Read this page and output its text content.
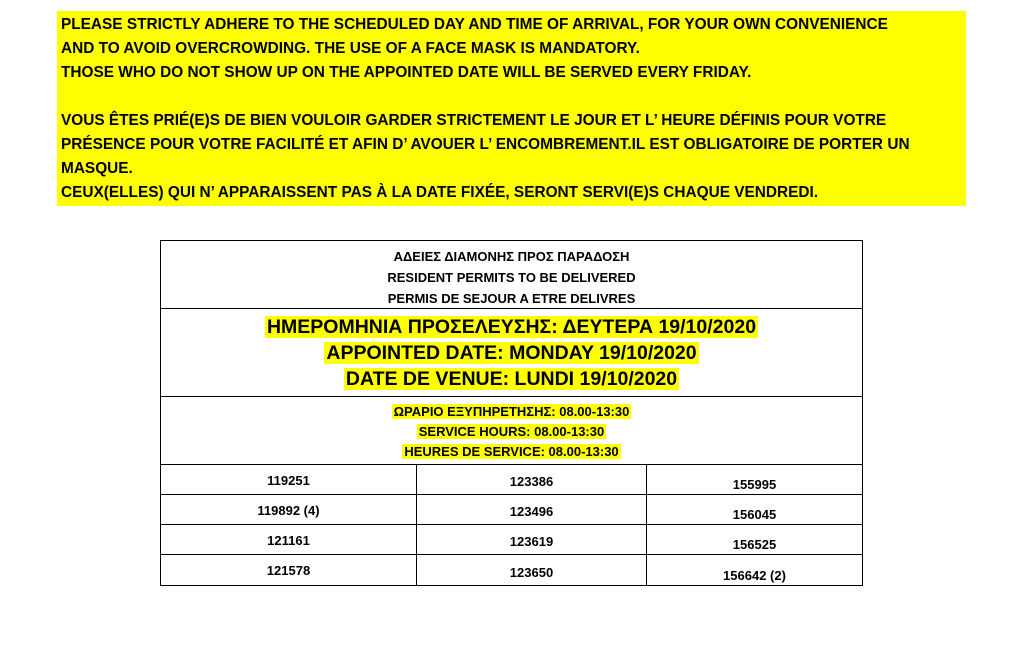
PLEASE STRICTLY ADHERE TO THE SCHEDULED DAY AND TIME OF ARRIVAL, FOR YOUR OWN CONVENIENCE
AND TO AVOID OVERCROWDING. THE USE OF A FACE MASK IS MANDATORY.
THOSE WHO DO NOT SHOW UP ON THE APPOINTED DATE WILL BE SERVED EVERY FRIDAY.
VOUS ÊTES PRIÉ(E)S DE BIEN VOULOIR GARDER STRICTEMENT LE JOUR ET L’ HEURE DÉFINIS POUR VOTRE PRÉSENCE POUR VOTRE FACILITÉ ET AFIN D’ AVOUER L’ ENCOMBREMENT.IL EST OBLIGATOIRE DE PORTER UN MASQUE.
CEUX(ELLES) QUI N’ APPARAISSENT PAS À LA DATE FIXÉE, SERONT SERVI(E)S CHAQUE VENDREDI.
ΑΔΕΙΕΣ ΔΙΑΜΟΝΗΣ ΠΡΟΣ ΠΑΡΑΔΟΣΗ
RESIDENT PERMITS TO BE DELIVERED
PERMIS DE SEJOUR A ETRE DELIVRES
ΗΜΕΡΟΜΗΝΙΑ ΠΡΟΣΕΛΕΥΣΗΣ: ΔΕΥΤΕΡΑ 19/10/2020
APPOINTED DATE: MONDAY 19/10/2020
DATE DE VENUE: LUNDI 19/10/2020
ΩΡΑΡΙΟ ΕΞΥΠΗΡΕΤΗΣΗΣ: 08.00-13:30
SERVICE HOURS: 08.00-13:30
HEURES DE SERVICE: 08.00-13:30
119251	123386	155995
119892 (4)	123496	156045
121161	123619	156525
121578	123650	156642 (2)
